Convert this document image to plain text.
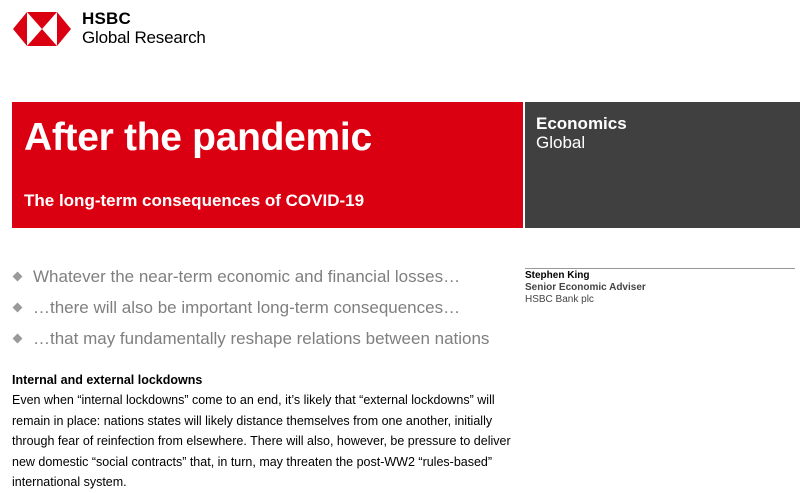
HSBC
Global Research
After the pandemic
The long-term consequences of COVID-19
Economics
Global
Whatever the near-term economic and financial losses…
…there will also be important long-term consequences…
…that may fundamentally reshape relations between nations
Stephen King
Senior Economic Adviser
HSBC Bank plc
Internal and external lockdowns

Even when “internal lockdowns” come to an end, it’s likely that “external lockdowns” will remain in place: nations states will likely distance themselves from one another, initially through fear of reinfection from elsewhere. There will also, however, be pressure to deliver new domestic “social contracts” that, in turn, may threaten the post-WW2 “rules-based” international system.
